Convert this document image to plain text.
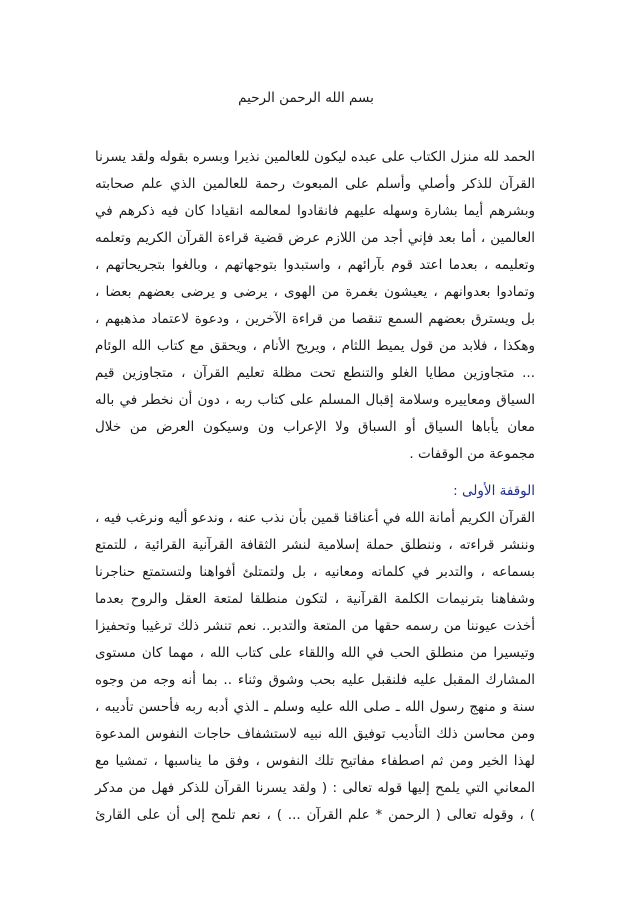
بسم الله الرحمن الرحيم
الحمد لله منزل الكتاب على عبده ليكون للعالمين نذيرا وبسره بقوله ولقد يسرنا
القرآن للذكر وأصلي وأسلم على المبعوث رحمة للعالمين الذي علم صحابته
وبشرهم أيما بشارة وسهله عليهم فانقادوا لمعالمه انقيادا كان فيه ذكرهم في
العالمين ، أما بعد فإني أجد من اللازم عرض قضية قراءة القرآن الكريم وتعلمه
وتعليمه ، بعدما اعتد قوم بآرائهم ، واستبدوا بتوجهاتهم ، وبالغوا بتجريحاتهم ،
وتمادوا بعدوانهم ، يعيشون بغمرة من الهوى ، يرضى و يرضى بعضهم بعضا ،
بل ويسترق بعضهم السمع تنقصا من قراءة الآخرين ، ودعوة لاعتماد مذهبهم ،
وهكذا ، فلابد من قول يميط اللثام ، ويريح الأنام ، ويحقق مع كتاب الله الوئام
... متجاوزين مطايا الغلو والتنطع تحت مظلة تعليم القرآن ، متجاوزين قيم
السياق ومعاييره وسلامة إقبال المسلم على كتاب ربه ، دون أن نخطر في باله
معان يأباها السياق أو السباق ولا الإعراب ون وسيكون العرض من خلال
مجموعة من الوقفات .
الوقفة الأولى :
القرآن الكريم أمانة الله في أعناقنا قمين بأن نذب عنه ، وندعو أليه ونرغب فيه ،
وننشر قراءته ، وننطلق حملة إسلامية لنشر الثقافة القرآنية القرائية ، للتمتع
بسماعه ، والتدبر في كلماته ومعانيه ، بل ولتمتلئ أفواهنا ولتستمتع حناجرنا
وشفاهنا بترنيمات الكلمة القرآنية ، لتكون منطلقا لمتعة العقل والروح بعدما
أخذت عيوننا من رسمه حقها من المتعة والتدبر.. نعم تنشر ذلك ترغيبا وتحفيزا
وتيسيرا من منطلق الحب في الله واللقاء على كتاب الله ، مهما كان مستوى
المشارك المقبل عليه فلنقبل عليه بحب وشوق وثناء .. بما أنه وجه من وجوه
سنة و منهج رسول الله ـ صلى الله عليه وسلم ـ الذي أدبه ربه فأحسن تأديبه ،
ومن محاسن ذلك التأديب توفيق الله نبيه لاستشفاف حاجات النفوس المدعوة
لهذا الخير ومن ثم اصطفاء مفاتيح تلك النفوس ، وفق ما يناسبها ، تمشيا مع
المعاني التي يلمح إليها قوله تعالى : ( ولقد يسرنا القرآن للذكر فهل من مدكر
) ، وقوله تعالى ( الرحمن * علم القرآن ... ) ، نعم تلمح إلى أن على القارئ
